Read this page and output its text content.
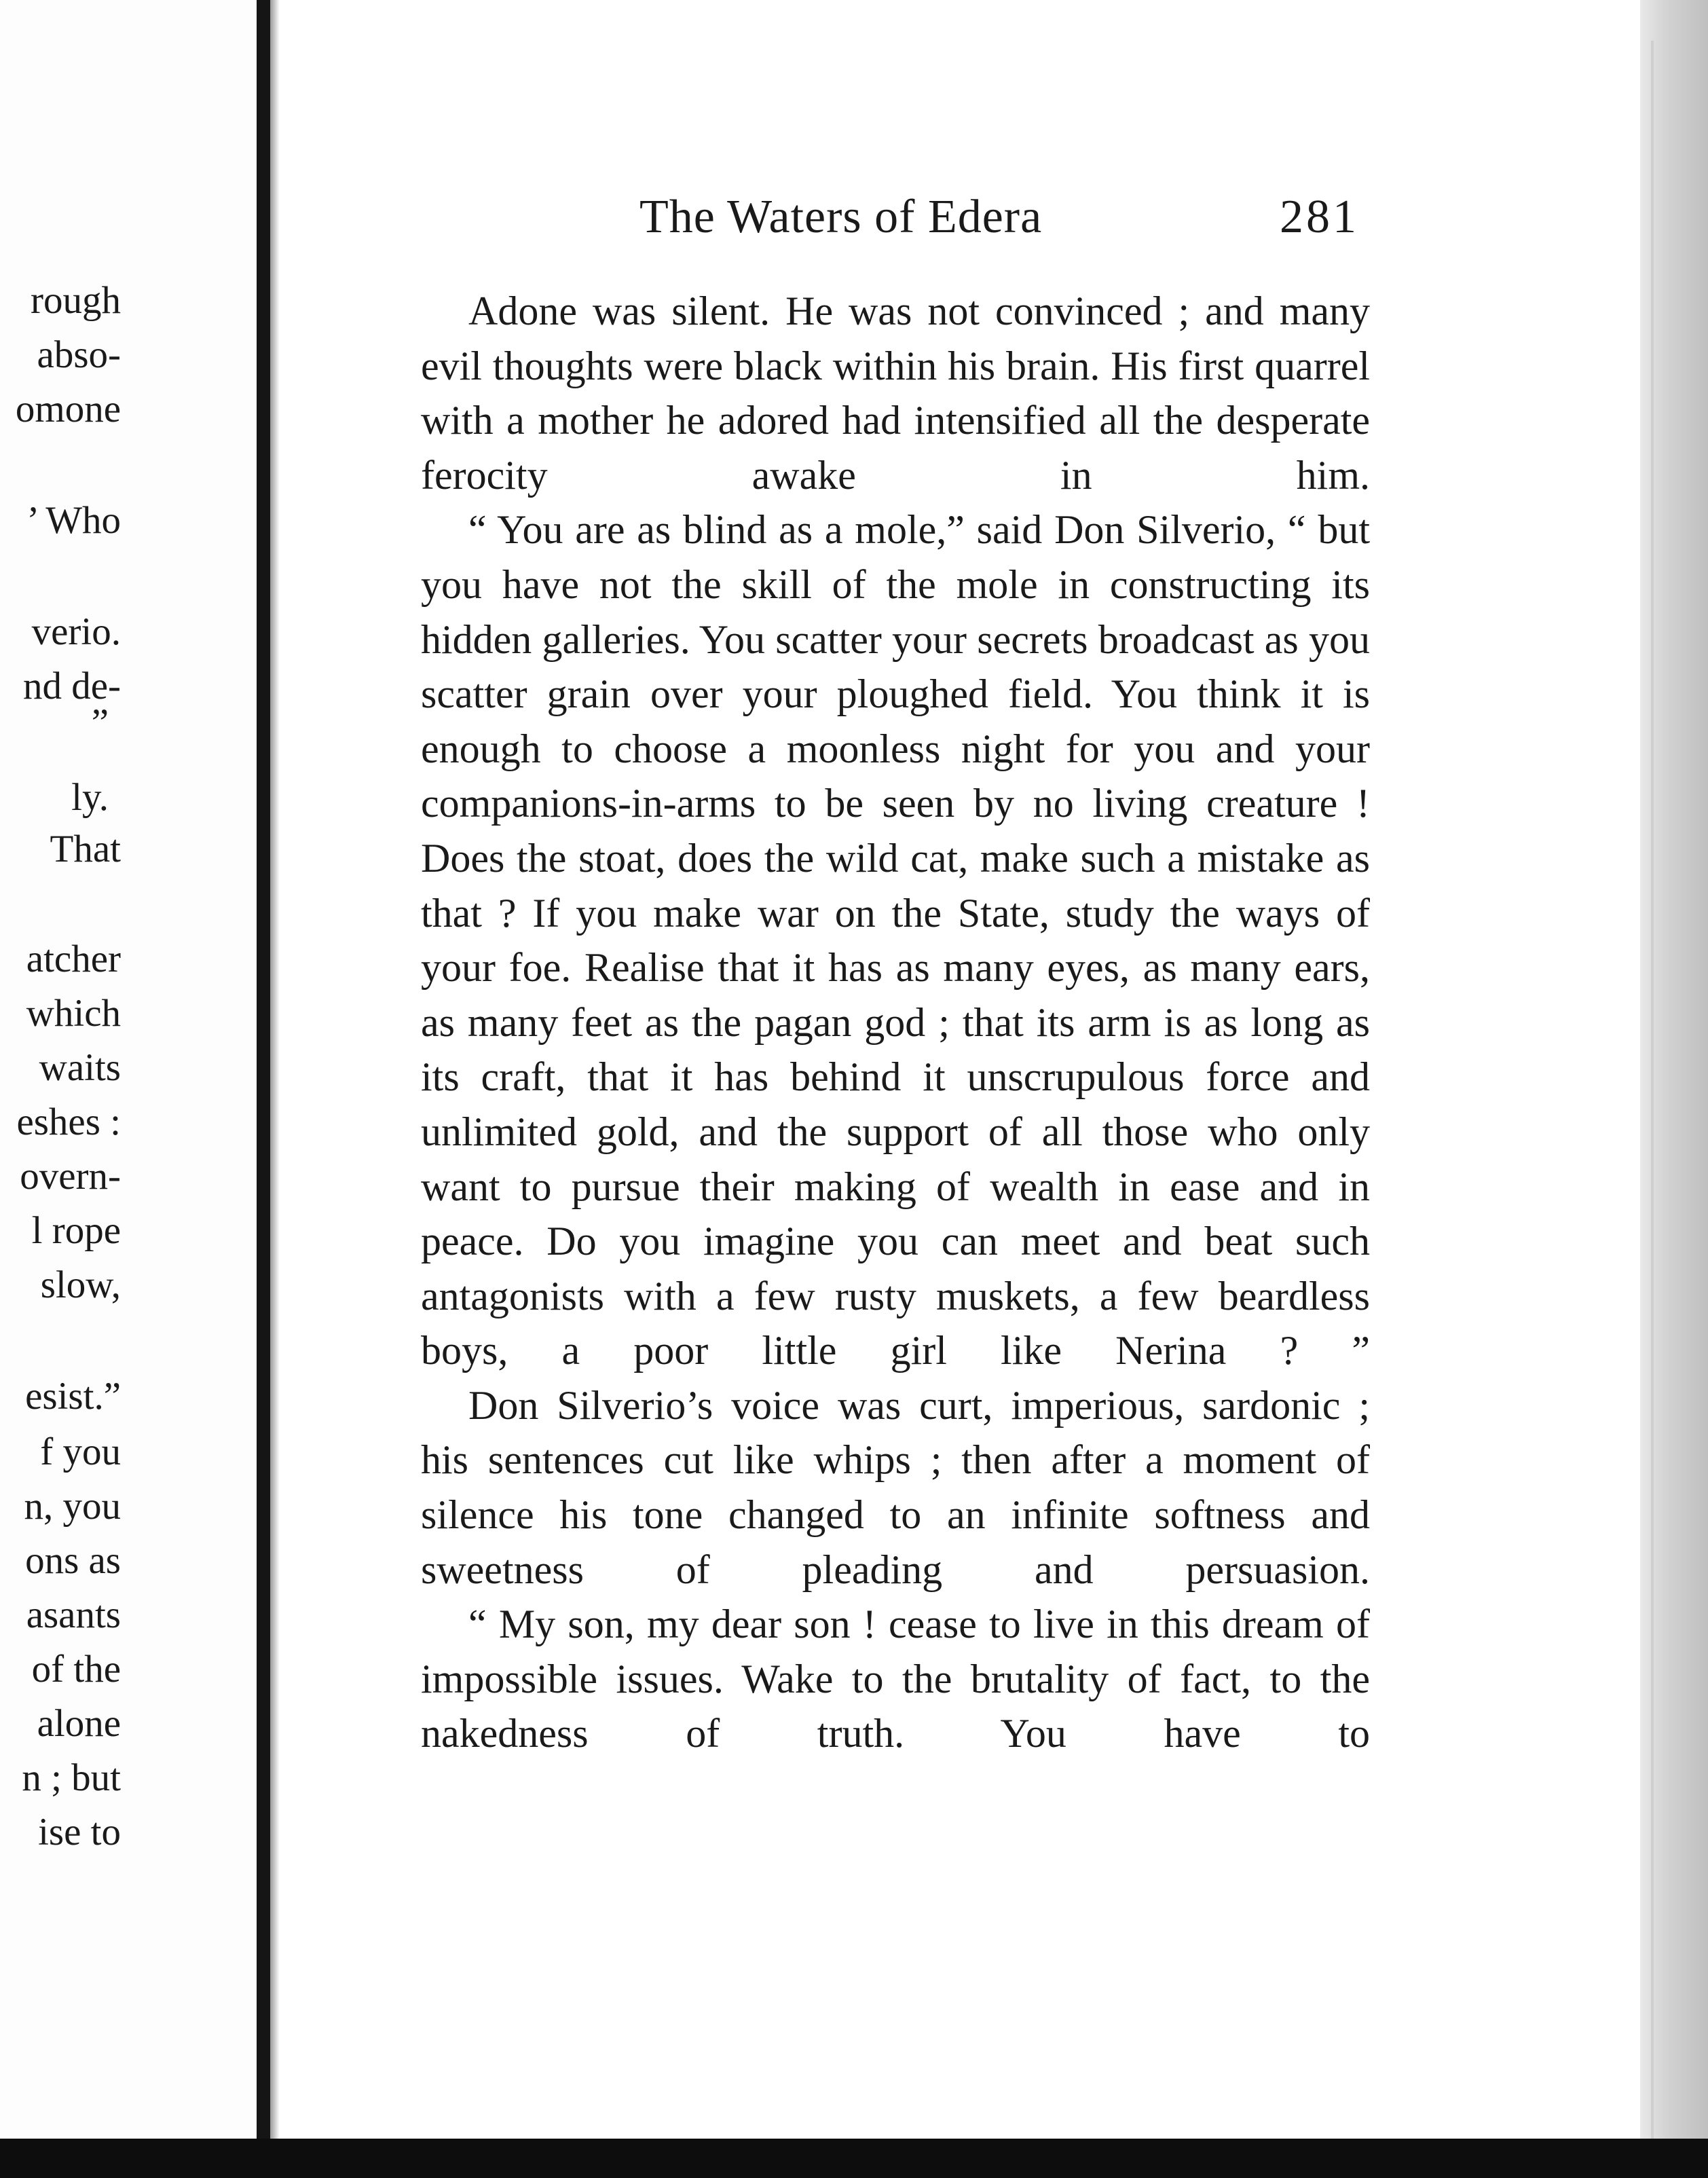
rough
abso-
omone
’ Who
verio.
nd de-
”
ly.
That
atcher
which
waits
eshes :
overn-
l rope
slow,
esist.”
f you
n, you
ons as
asants
of the
alone
n ; but
ise to
The Waters of Edera	281

Adone was silent. He was not convinced ; and many evil thoughts were black within his brain. His first quarrel with a mother he adored had intensified all the desperate ferocity awake in him.

“ You are as blind as a mole,” said Don Silverio, “ but you have not the skill of the mole in constructing its hidden galleries. You scatter your secrets broadcast as you scatter grain over your ploughed field. You think it is enough to choose a moonless night for you and your companions-in-arms to be seen by no living creature ! Does the stoat, does the wild cat, make such a mistake as that ? If you make war on the State, study the ways of your foe. Realise that it has as many eyes, as many ears, as many feet as the pagan god ; that its arm is as long as its craft, that it has behind it unscrupulous force and unlimited gold, and the support of all those who only want to pursue their making of wealth in ease and in peace. Do you imagine you can meet and beat such antagonists with a few rusty muskets, a few beardless boys, a poor little girl like Nerina ? ”

Don Silverio’s voice was curt, imperious, sardonic ; his sentences cut like whips ; then after a moment of silence his tone changed to an infinite softness and sweetness of pleading and persuasion.

“ My son, my dear son ! cease to live in this dream of impossible issues. Wake to the brutality of fact, to the nakedness of truth. You have to
